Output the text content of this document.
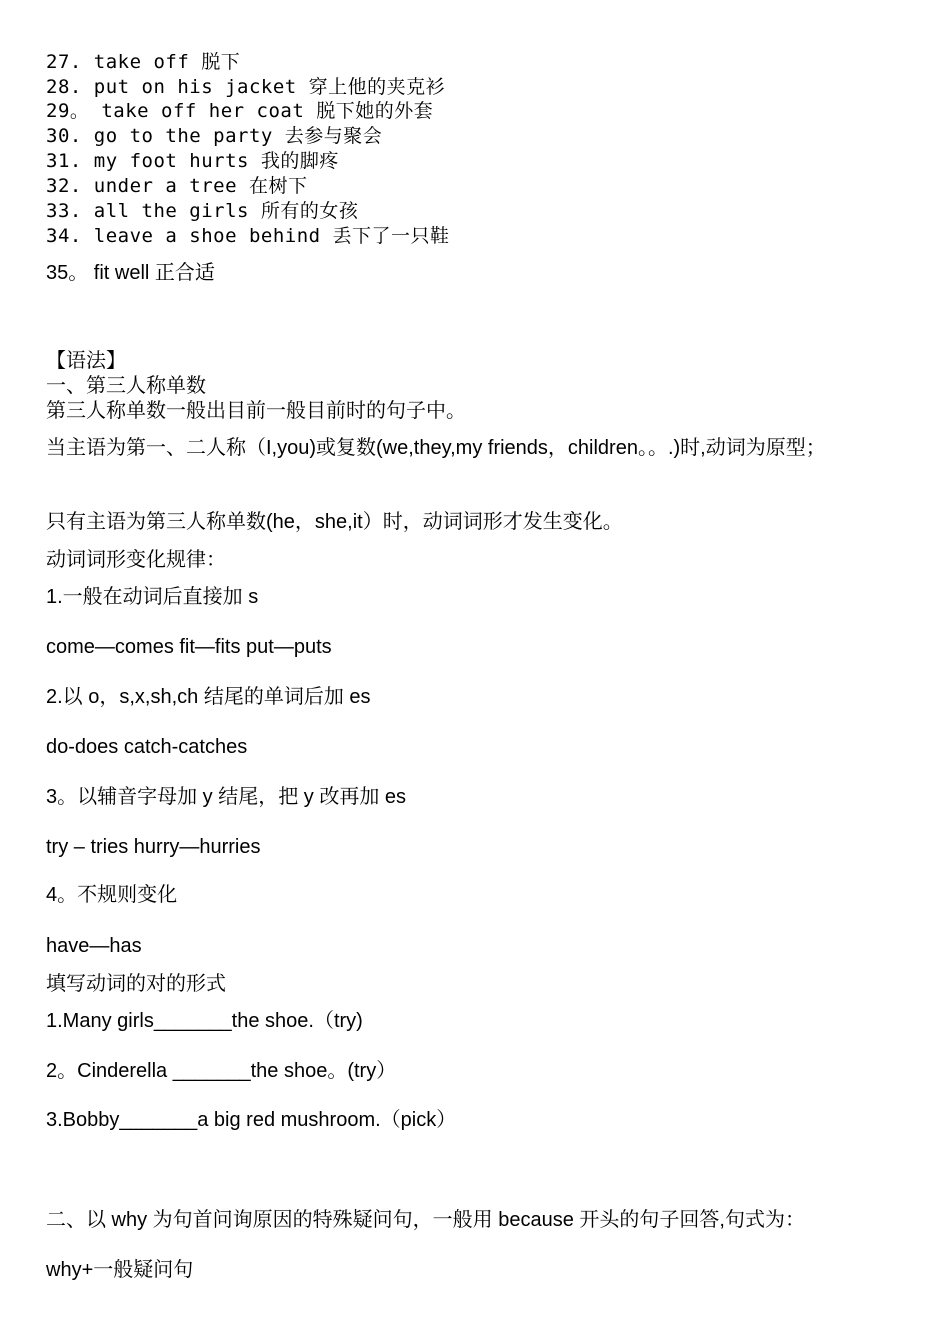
27. take off 脱下
28. put on his jacket 穿上他的夹克衫
29。 take off her coat 脱下她的外套
30. go to the party 去参与聚会
31. my foot hurts 我的脚疼
32. under a tree 在树下
33. all the girls 所有的女孩
34. leave a shoe behind 丢下了一只鞋
35。 fit well 正合适
【语法】
一、第三人称单数
第三人称单数一般出目前一般目前时的句子中。
当主语为第一、二人称（I,you)或复数(we,they,my friends，children。。.)时,动词为原型；
只有主语为第三人称单数(he，she,it）时，动词词形才发生变化。
动词词形变化规律：
1.一般在动词后直接加 s
come—comes fit—fits put—puts
2.以 o，s,x,sh,ch 结尾的单词后加 es
do-does catch-catches
3。以辅音字母加 y 结尾，把 y 改再加 es
try – tries hurry—hurries
4。不规则变化
have—has
填写动词的对的形式
1.Many girls_______the shoe.（try)
2。Cinderella _______the shoe。(try）
3.Bobby_______a big red mushroom.（pick）
二、以 why 为句首问询原因的特殊疑问句，一般用 because 开头的句子回答,句式为：
why+一般疑问句
